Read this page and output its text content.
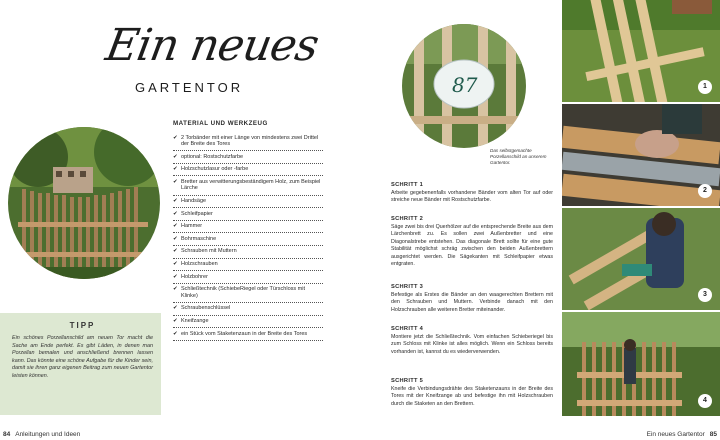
Ein neues
GARTENTOR
TIPP
Ein schönes Porzellanschild am neuen Tor macht die Sache am Ende perfekt. Es gibt Läden, in denen man Porzellan bemalen und anschließend brennen lassen kann. Das könnte eine schöne Aufgabe für die Kinder sein, damit sie ihren ganz eigenen Beitrag zum neuen Gartentor leisten können.
MATERIAL UND WERKZEUG
✔ 2 Torbänder mit einer Länge von mindestens zwei Drittel der Breite des Tores
✔ optional: Rostschutzfarbe
✔ Holzschutzlasur oder -farbe
✔ Bretter aus verwitterungsbeständigem Holz, zum Beispiel Lärche
✔ Handsäge
✔ Schleifpapier
✔ Hammer
✔ Bohrmaschine
✔ Schrauben mit Muttern
✔ Holzschrauben
✔ Holzbohrer
✔ Schließtechnik (SchiebeRiegel oder Türschloss mit Klinke)
✔ Schraubenschlüssel
✔ Kneifzange
✔ ein Stück vom Staketenzaun in der Breite des Tores
84 Anleitungen und Ideen
87
Das selbstgemachte Porzellanschild an unserem Gartentor.
SCHRITT 1
Arbeite gegebenenfalls vorhandene Bänder vom alten Tor auf oder streiche neue Bänder mit Rostschutzfarbe.
SCHRITT 2
Säge zwei bis drei Querhölzer auf die entsprechende Breite aus dem Lärchenbrett zu. Es sollen zwei Außenbretter und eine Diagonalstrebe entstehen. Das diagonale Brett sollte für eine gute Stabilität möglichst schräg zwischen den beiden Außenbrettern ausgerichtet werden. Die Sägekanten mit Schleifpapier etwas entgraten.
SCHRITT 3
Befestige als Erstes die Bänder an den waagerechten Brettern mit den Schrauben und Muttern. Verbinde danach mit den Holzschrauben alle weiteren Bretter miteinander.
SCHRITT 4
Montiere jetzt die Schließtechnik. Vom einfachen Schieberiegel bis zum Schloss mit Klinke ist alles möglich. Wenn ein Schloss bereits vorhanden ist, kannst du es wiederverwenden.
SCHRITT 5
Kneife die Verbindungsdrähte des Staketenzauns in der Breite des Tores mit der Kneifzange ab und befestige ihn mit Holzschrauben durch die Staketen an den Brettern.
1
2
3
4
Ein neues Gartentor 85
